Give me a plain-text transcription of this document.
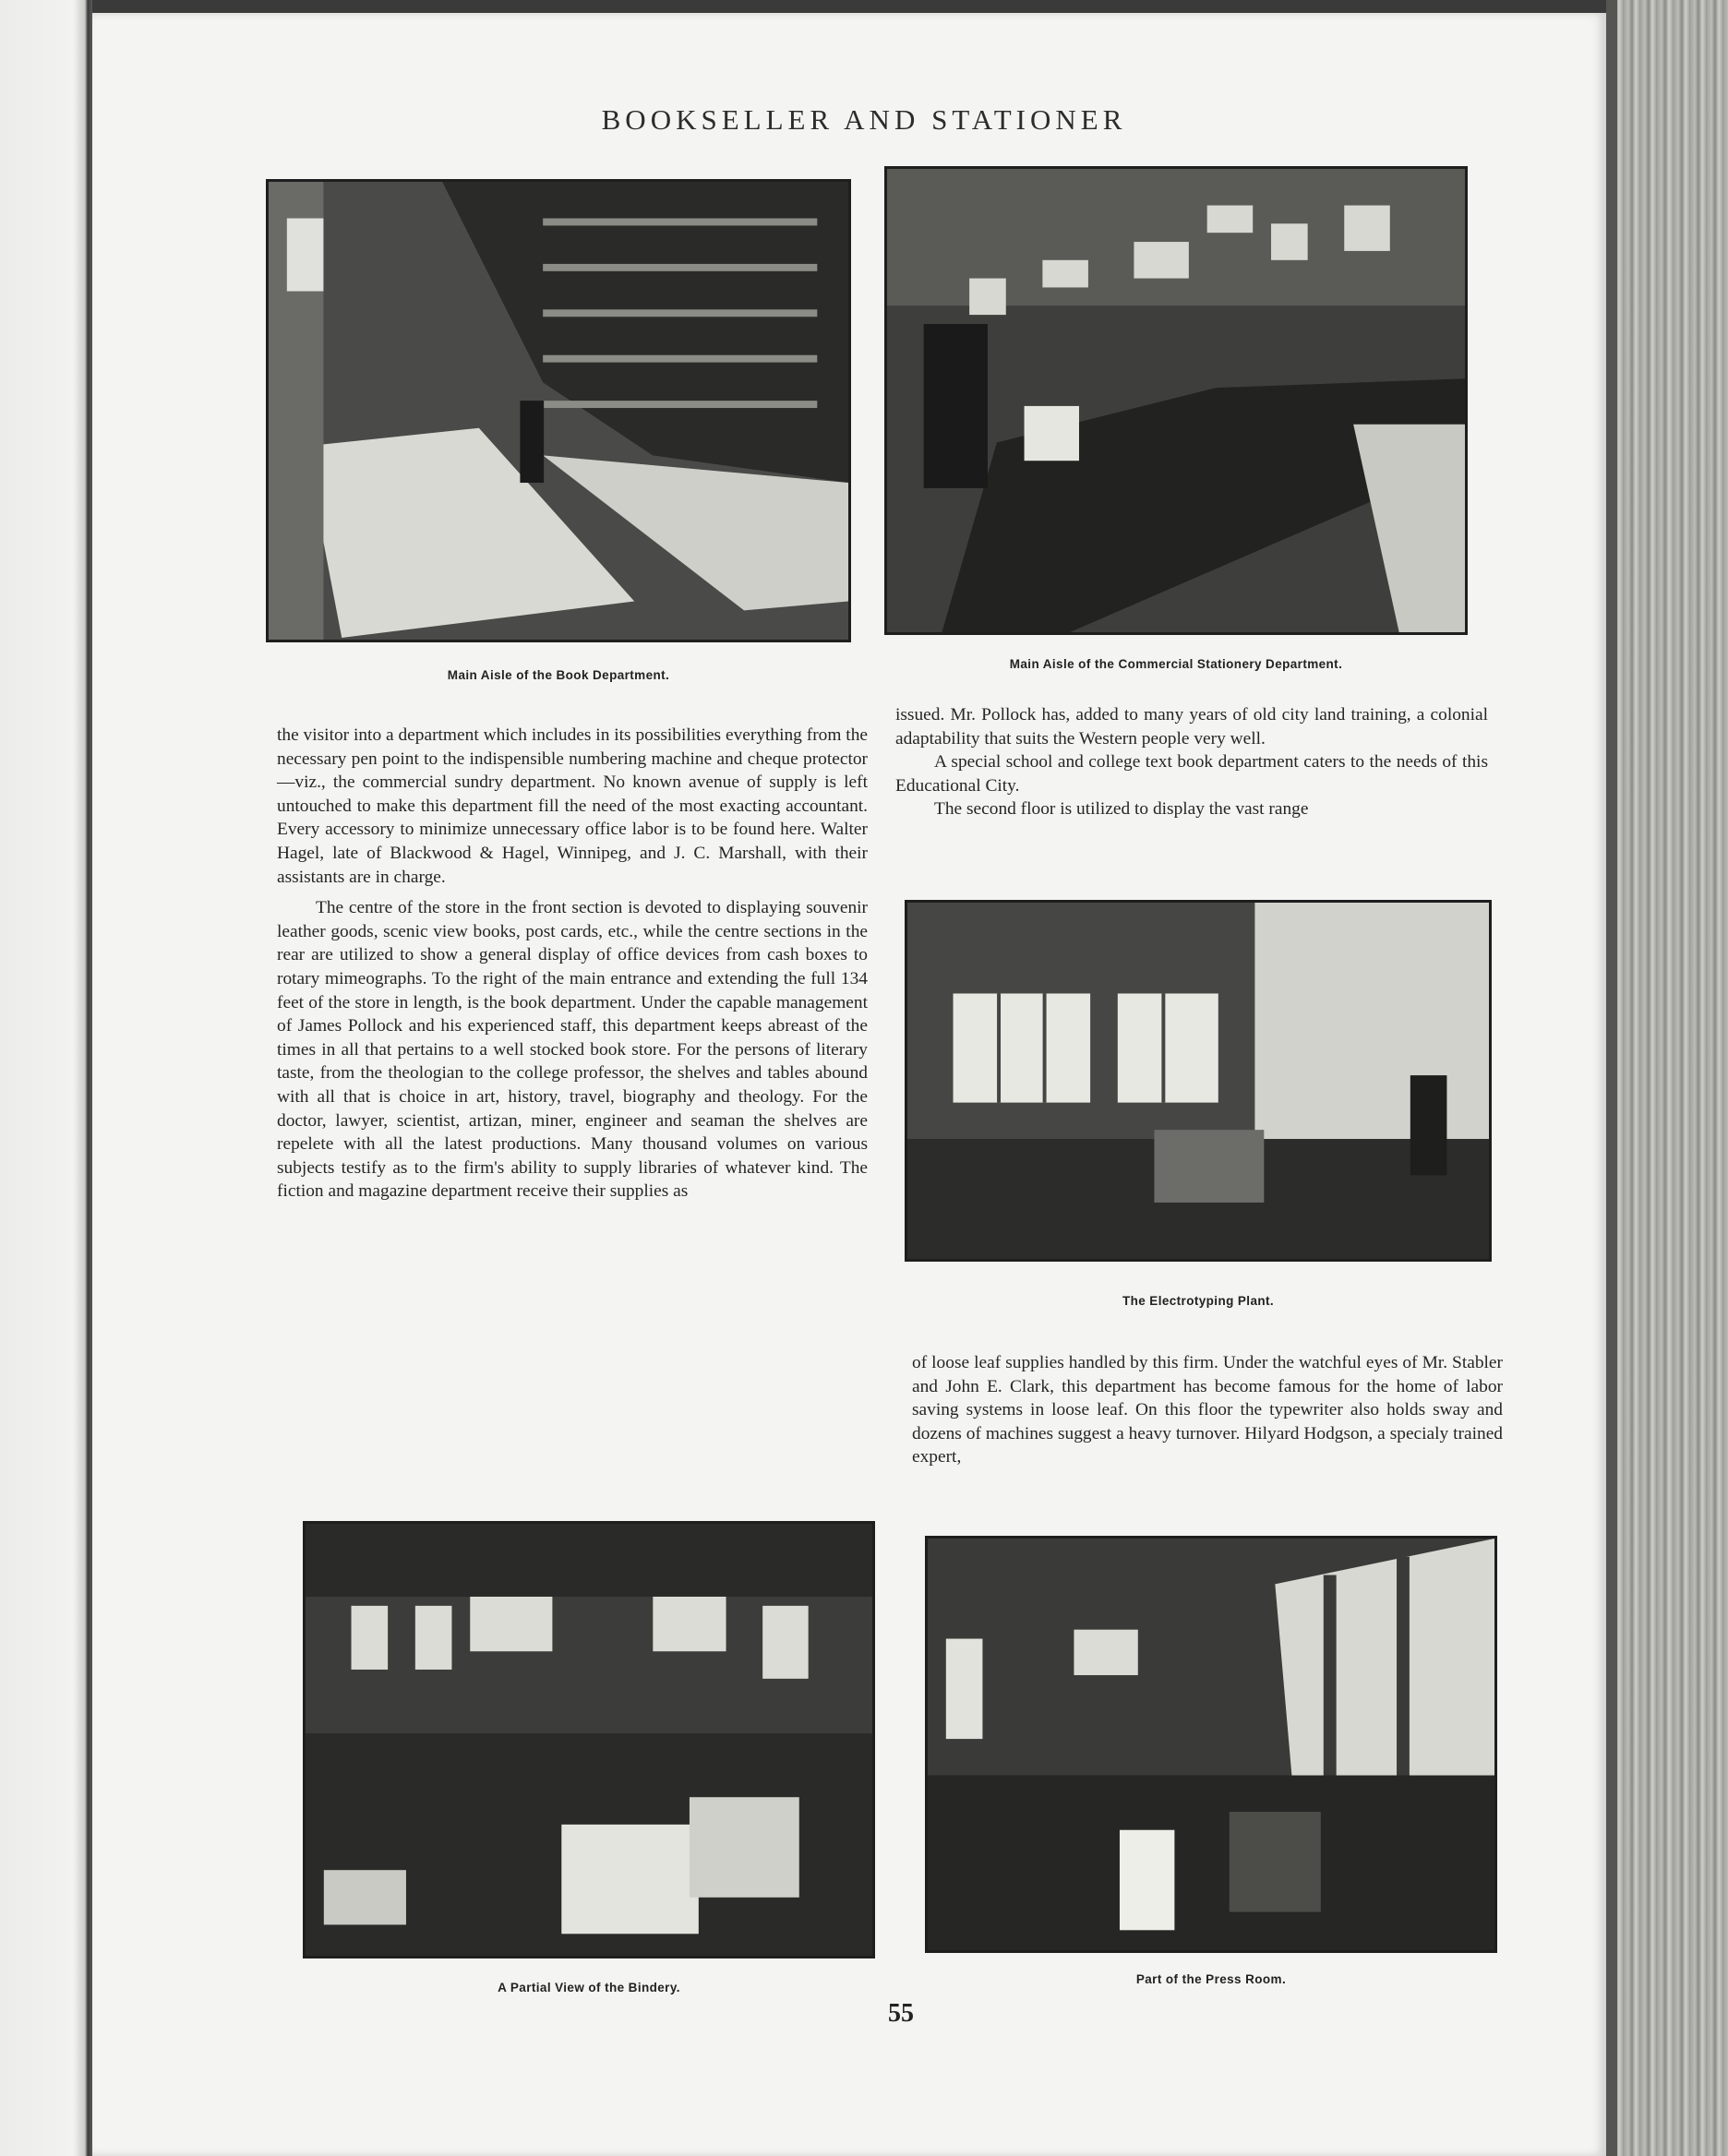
BOOKSELLER AND STATIONER
Main Aisle of the Book Department.
Main Aisle of the Commercial Stationery Department.

the visitor into a department which includes in its possibilities everything from the necessary pen point to the indispensible numbering machine and cheque protector—viz., the commercial sundry department. No known avenue of supply is left untouched to make this department fill the need of the most exacting accountant. Every accessory to minimize unnecessary office labor is to be found here. Walter Hagel, late of Blackwood & Hagel, Winnipeg, and J. C. Marshall, with their assistants are in charge.

The centre of the store in the front section is devoted to displaying souvenir leather goods, scenic view books, post cards, etc., while the centre sections in the rear are utilized to show a general display of office devices from cash boxes to rotary mimeographs. To the right of the main entrance and extending the full 134 feet of the store in length, is the book department. Under the capable management of James Pollock and his experienced staff, this department keeps abreast of the times in all that pertains to a well stocked book store. For the persons of literary taste, from the theologian to the college professor, the shelves and tables abound with all that is choice in art, history, travel, biography and theology. For the doctor, lawyer, scientist, artizan, miner, engineer and seaman the shelves are repelete with all the latest productions. Many thousand volumes on various subjects testify as to the firm's ability to supply libraries of whatever kind. The fiction and magazine department receive their supplies as

issued. Mr. Pollock has, added to many years of old city land training, a colonial adaptability that suits the Western people very well.

A special school and college text book department caters to the needs of this Educational City.

The second floor is utilized to display the vast range

The Electrotyping Plant.

of loose leaf supplies handled by this firm. Under the watchful eyes of Mr. Stabler and John E. Clark, this department has become famous for the home of labor saving systems in loose leaf. On this floor the typewriter also holds sway and dozens of machines suggest a heavy turnover. Hilyard Hodgson, a specialy trained expert,

A Partial View of the Bindery.
Part of the Press Room.
55
